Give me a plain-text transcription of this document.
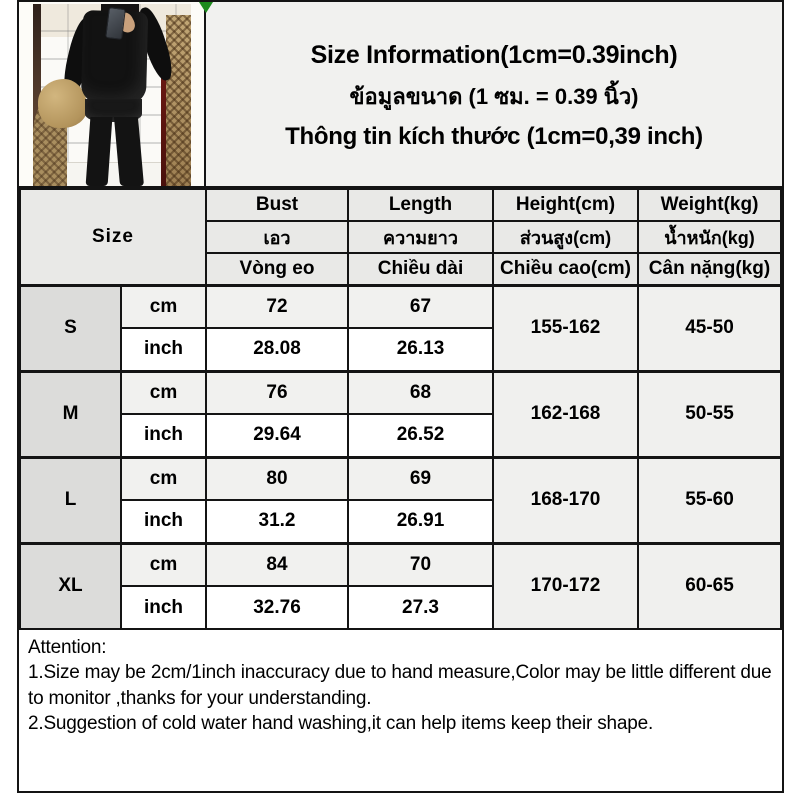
Size Information(1cm=0.39inch)
ข้อมูลขนาด (1 ซม. = 0.39 นิ้ว)
Thông tin kích thước (1cm=0,39 inch)
Size		Bust	Length	Height(cm)	Weight(kg)
		เอว	ความยาว	ส่วนสูง(cm)	น้ำหนัก(kg)
		Vòng eo	Chiều dài	Chiều cao(cm)	Cân nặng(kg)
S	cm	72	67	155-162	45-50
	inch	28.08	26.13		
M	cm	76	68	162-168	50-55
	inch	29.64	26.52		
L	cm	80	69	168-170	55-60
	inch	31.2	26.91		
XL	cm	84	70	170-172	60-65
	inch	32.76	27.3		

Attention:

1.Size may be 2cm/1inch inaccuracy due to hand measure,Color may be little different due to monitor ,thanks for your understanding.

2.Suggestion of cold water hand washing,it can help items keep their shape.
